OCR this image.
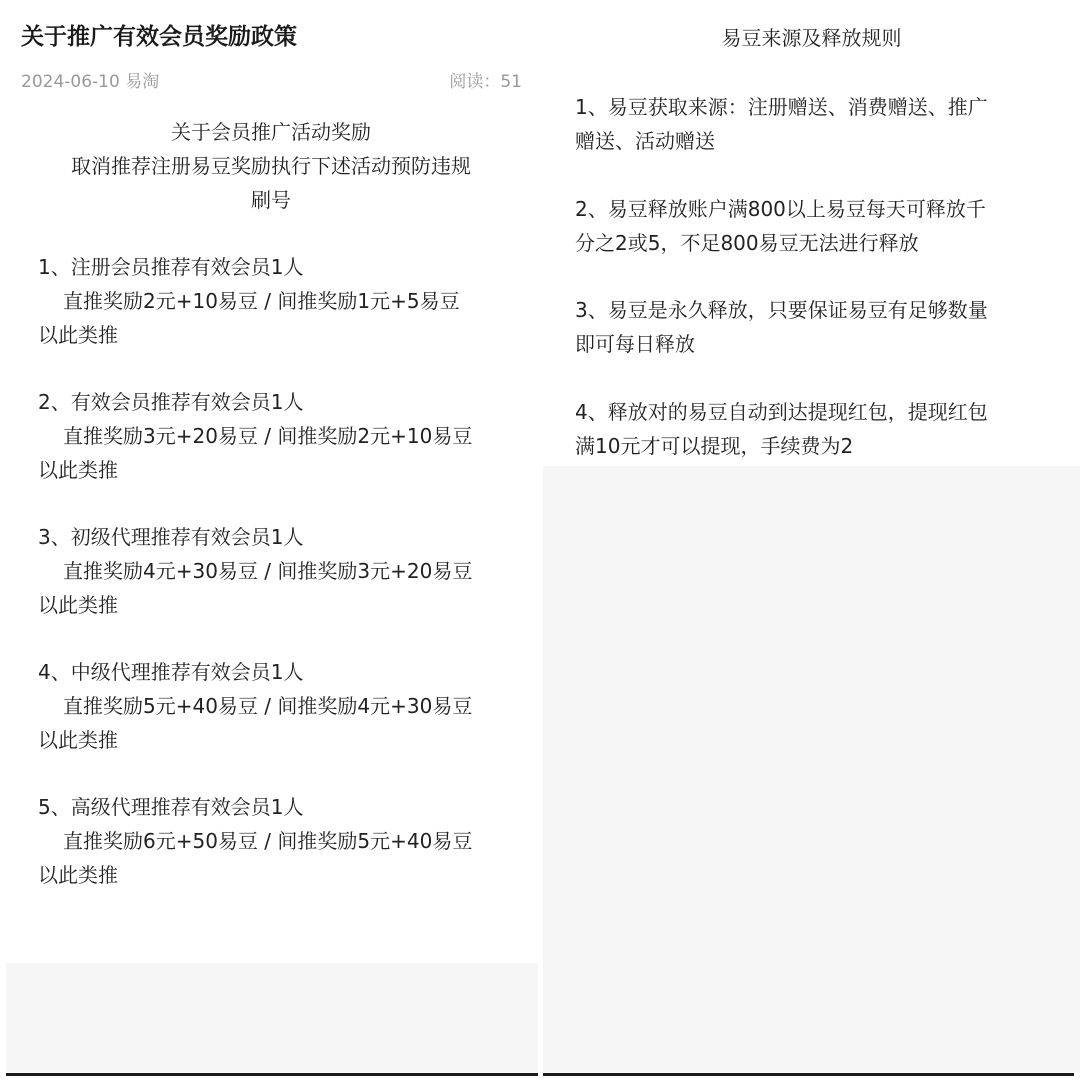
关于推广有效会员奖励政策
2024-06-10 易淘	阅读：51
关于会员推广活动奖励
取消推荐注册易豆奖励执行下述活动预防违规
刷号
1、注册会员推荐有效会员1人
直推奖励2元+10易豆 / 间推奖励1元+5易豆
以此类推
2、有效会员推荐有效会员1人
直推奖励3元+20易豆 / 间推奖励2元+10易豆
以此类推
3、初级代理推荐有效会员1人
直推奖励4元+30易豆 / 间推奖励3元+20易豆
以此类推
4、中级代理推荐有效会员1人
直推奖励5元+40易豆 / 间推奖励4元+30易豆
以此类推
5、高级代理推荐有效会员1人
直推奖励6元+50易豆 / 间推奖励5元+40易豆
以此类推
易豆来源及释放规则
1、易豆获取来源：注册赠送、消费赠送、推广
赠送、活动赠送
2、易豆释放账户满800以上易豆每天可释放千
分之2或5，不足800易豆无法进行释放
3、易豆是永久释放，只要保证易豆有足够数量
即可每日释放
4、释放对的易豆自动到达提现红包，提现红包
满10元才可以提现，手续费为2
